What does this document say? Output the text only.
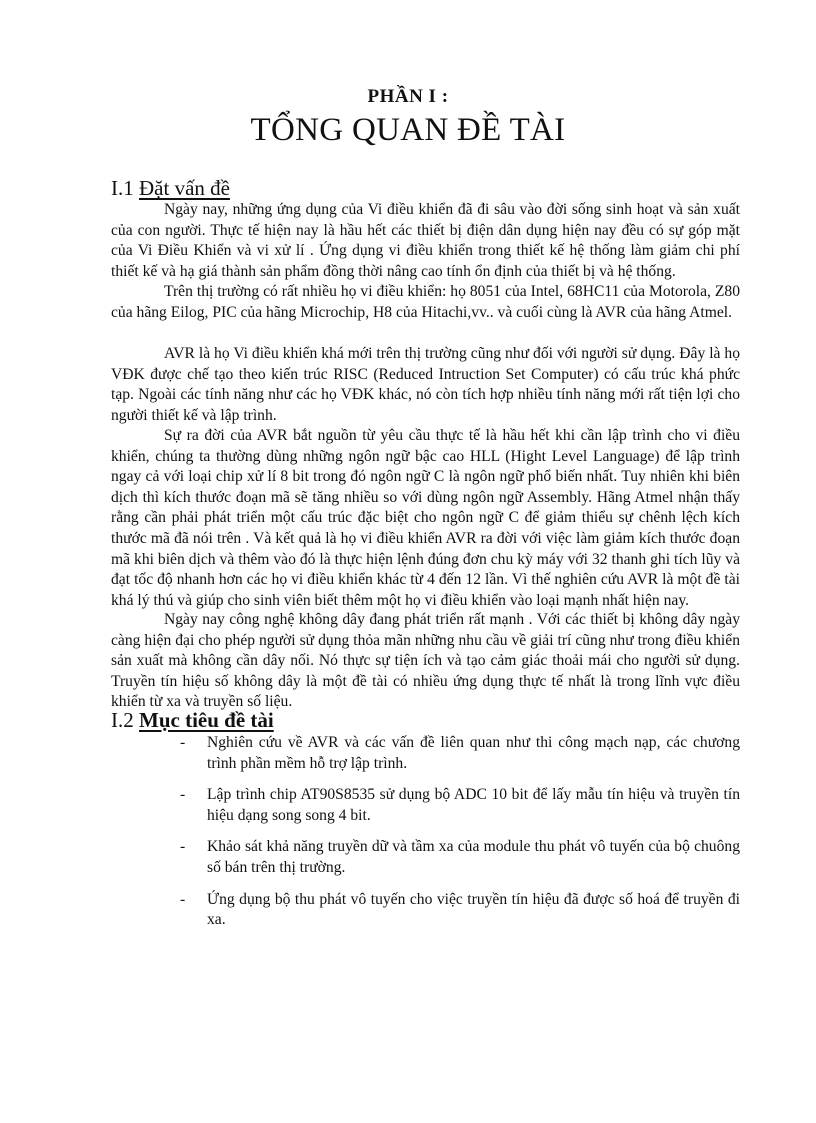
PHẦN I :
TỔNG QUAN ĐỀ TÀI
I.1 Đặt vấn đề

Ngày nay, những ứng dụng của Vi điều khiển đã đi sâu vào đời sống sinh hoạt và sản xuất của con người. Thực tế hiện nay là hầu hết các thiết bị điện dân dụng hiện nay đều có sự góp mặt của Vi Điều Khiển và vi xử lí . Ứng dụng vi điều khiển trong thiết kế hệ thống làm giảm chi phí thiết kế và hạ giá thành sản phẩm đồng thời nâng cao tính ổn định của thiết bị và hệ thống.

Trên thị trường có rất nhiều họ vi điều khiển: họ 8051 của Intel, 68HC11 của Motorola, Z80 của hãng Eilog, PIC của hãng Microchip, H8 của Hitachi,vv.. và cuối cùng là AVR của hãng Atmel.

AVR là họ Vi điều khiển khá mới trên thị trường cũng như đối với người sử dụng. Đây là họ VĐK được chế tạo theo kiến trúc RISC (Reduced Intruction Set Computer) có cấu trúc khá phức tạp. Ngoài các tính năng như các họ VĐK khác, nó còn tích hợp nhiều tính năng mới rất tiện lợi cho người thiết kế và lập trình.

Sự ra đời của AVR bắt nguồn từ yêu cầu thực tế là hầu hết khi cần lập trình cho vi điều khiển, chúng ta thường dùng những ngôn ngữ bậc cao HLL (Hight Level Language) để lập trình ngay cả với loại chip xử lí 8 bit trong đó ngôn ngữ C là ngôn ngữ phổ biến nhất. Tuy nhiên khi biên dịch thì kích thước đoạn mã sẽ tăng nhiều so với dùng ngôn ngữ Assembly. Hãng Atmel nhận thấy rằng cần phải phát triển một cấu trúc đặc biệt cho ngôn ngữ C để giảm thiểu sự chênh lệch kích thước mã đã nói trên . Và kết quả là họ vi điều khiển AVR ra đời với việc làm giảm kích thước đoạn mã khi biên dịch và thêm vào đó là thực hiện lệnh đúng đơn chu kỳ máy với 32 thanh ghi tích lũy và đạt tốc độ nhanh hơn các họ vi điều khiển khác từ 4 đến 12 lần. Vì thế nghiên cứu AVR là một đề tài khá lý thú và giúp cho sinh viên biết thêm một họ vi điều khiển vào loại mạnh nhất hiện nay.

Ngày nay công nghệ không dây đang phát triển rất mạnh . Với các thiết bị không dây ngày càng hiện đại cho phép người sử dụng thỏa mãn những nhu cầu về giải trí cũng như trong điều khiển sản xuất mà không cần dây nối. Nó thực sự tiện ích và tạo cảm giác thoải mái cho người sử dụng. Truyền tín hiệu số không dây là một đề tài có nhiều ứng dụng thực tế nhất là trong lĩnh vực điều khiển từ xa và truyền số liệu.

I.2 Mục tiêu đề tài
- Nghiên cứu về AVR và các vấn đề liên quan như thi công mạch nạp, các chương trình phần mềm hỗ trợ lập trình.
- Lập trình chip AT90S8535 sử dụng bộ ADC 10 bit để lấy mẫu tín hiệu và truyền tín hiệu dạng song song 4 bit.
- Khảo sát khả năng truyền dữ và tầm xa của module thu phát vô tuyến của bộ chuông số bán trên thị trường.
- Ứng dụng bộ thu phát vô tuyến cho việc truyền tín hiệu đã được số hoá để truyền đi xa.
